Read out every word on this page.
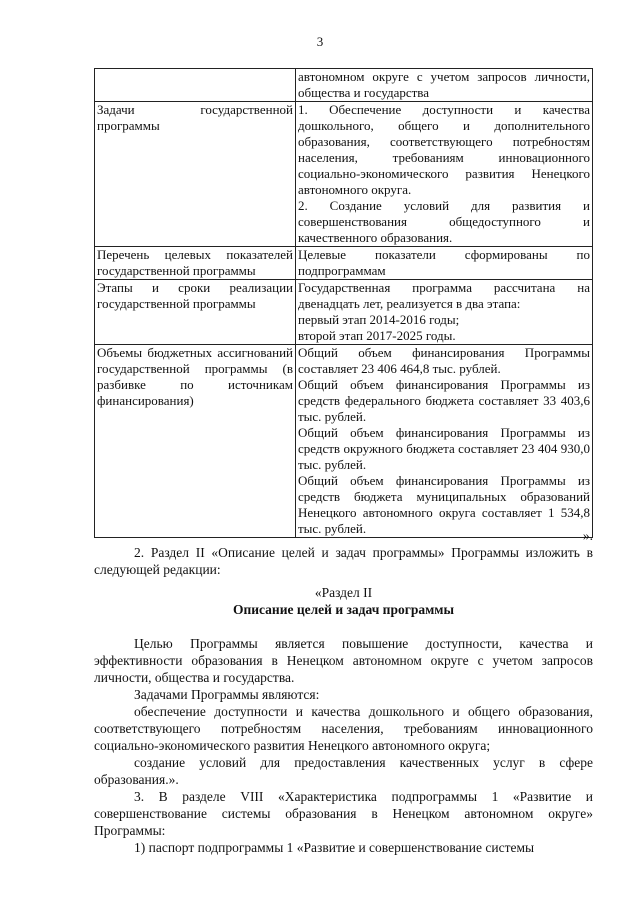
3

	автономном округе с учетом запросов личности, общества и государства

Задачи государственной программы	1. Обеспечение доступности и качества дошкольного, общего и дополнительного образования, соответствующего потребностям населения, требованиям инновационного социально-экономического развития Ненецкого автономного округа.

2. Создание условий для развития и совершенствования общедоступного и качественного образования.

Перечень целевых показателей государственной программы	Целевые показатели сформированы по подпрограммам

Этапы и сроки реализации государственной программы	Государственная программа рассчитана на двенадцать лет, реализуется в два этапа:

первый этап 2014-2016 годы;

второй этап 2017-2025 годы.

Объемы бюджетных ассигнований государственной программы (в разбивке по источникам финансирования)	Общий объем финансирования Программы составляет 23 406 464,8 тыс. рублей.

Общий объем финансирования Программы из средств федерального бюджета составляет 33 403,6 тыс. рублей.

Общий объем финансирования Программы из средств окружного бюджета составляет 23 404 930,0 тыс. рублей.

Общий объем финансирования Программы из средств бюджета муниципальных образований Ненецкого автономного округа составляет 1 534,8 тыс. рублей.	».

2. Раздел II «Описание целей и задач программы» Программы изложить в следующей редакции:

«Раздел II

Описание целей и задач программы

Целью Программы является повышение доступности, качества и эффективности образования в Ненецком автономном округе с учетом запросов личности, общества и государства.

Задачами Программы являются:

обеспечение доступности и качества дошкольного и общего образования, соответствующего потребностям населения, требованиям инновационного социально-экономического развития Ненецкого автономного округа;

создание условий для предоставления качественных услуг в сфере образования.».

3. В разделе VIII «Характеристика подпрограммы 1 «Развитие и совершенствование системы образования в Ненецком автономном округе» Программы:

1) паспорт подпрограммы 1 «Развитие и совершенствование системы
